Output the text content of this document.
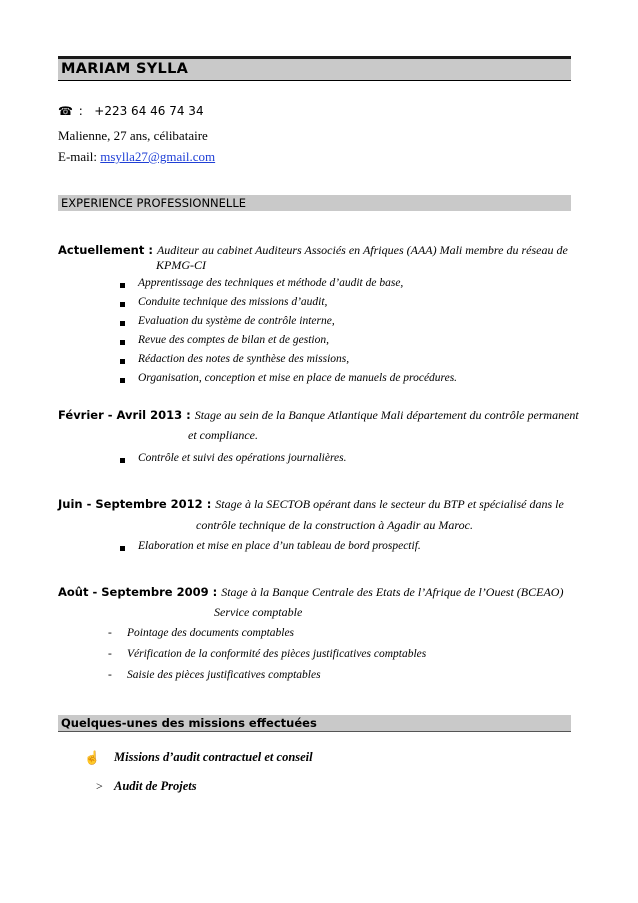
MARIAM SYLLA
☎ : +223 64 46 74 34
Malienne, 27 ans, célibataire
E-mail: msylla27@gmail.com
EXPERIENCE PROFESSIONNELLE
Actuellement : Auditeur au cabinet Auditeurs Associés en Afriques (AAA) Mali membre du réseau de
KPMG-CI
Apprentissage des techniques et méthode d’audit de base,
Conduite technique des missions d’audit,
Evaluation du système de contrôle interne,
Revue des comptes de bilan et de gestion,
Rédaction des notes de synthèse des missions,
Organisation, conception et mise en place de manuels de procédures.
Février - Avril 2013 : Stage au sein de la Banque Atlantique Mali département du contrôle permanent
et compliance.
Contrôle et suivi des opérations journalières.
Juin - Septembre 2012 : Stage à la SECTOB opérant dans le secteur du BTP et spécialisé dans le
contrôle technique de la construction à Agadir au Maroc.
Elaboration et mise en place d’un tableau de bord prospectif.
Août - Septembre 2009 : Stage à la Banque Centrale des Etats de l’Afrique de l’Ouest (BCEAO)
Service comptable
- Pointage des documents comptables
- Vérification de la conformité des pièces justificatives comptables
- Saisie des pièces justificatives comptables
Quelques-unes des missions effectuées
☝ Missions d’audit contractuel et conseil
> Audit de Projets
